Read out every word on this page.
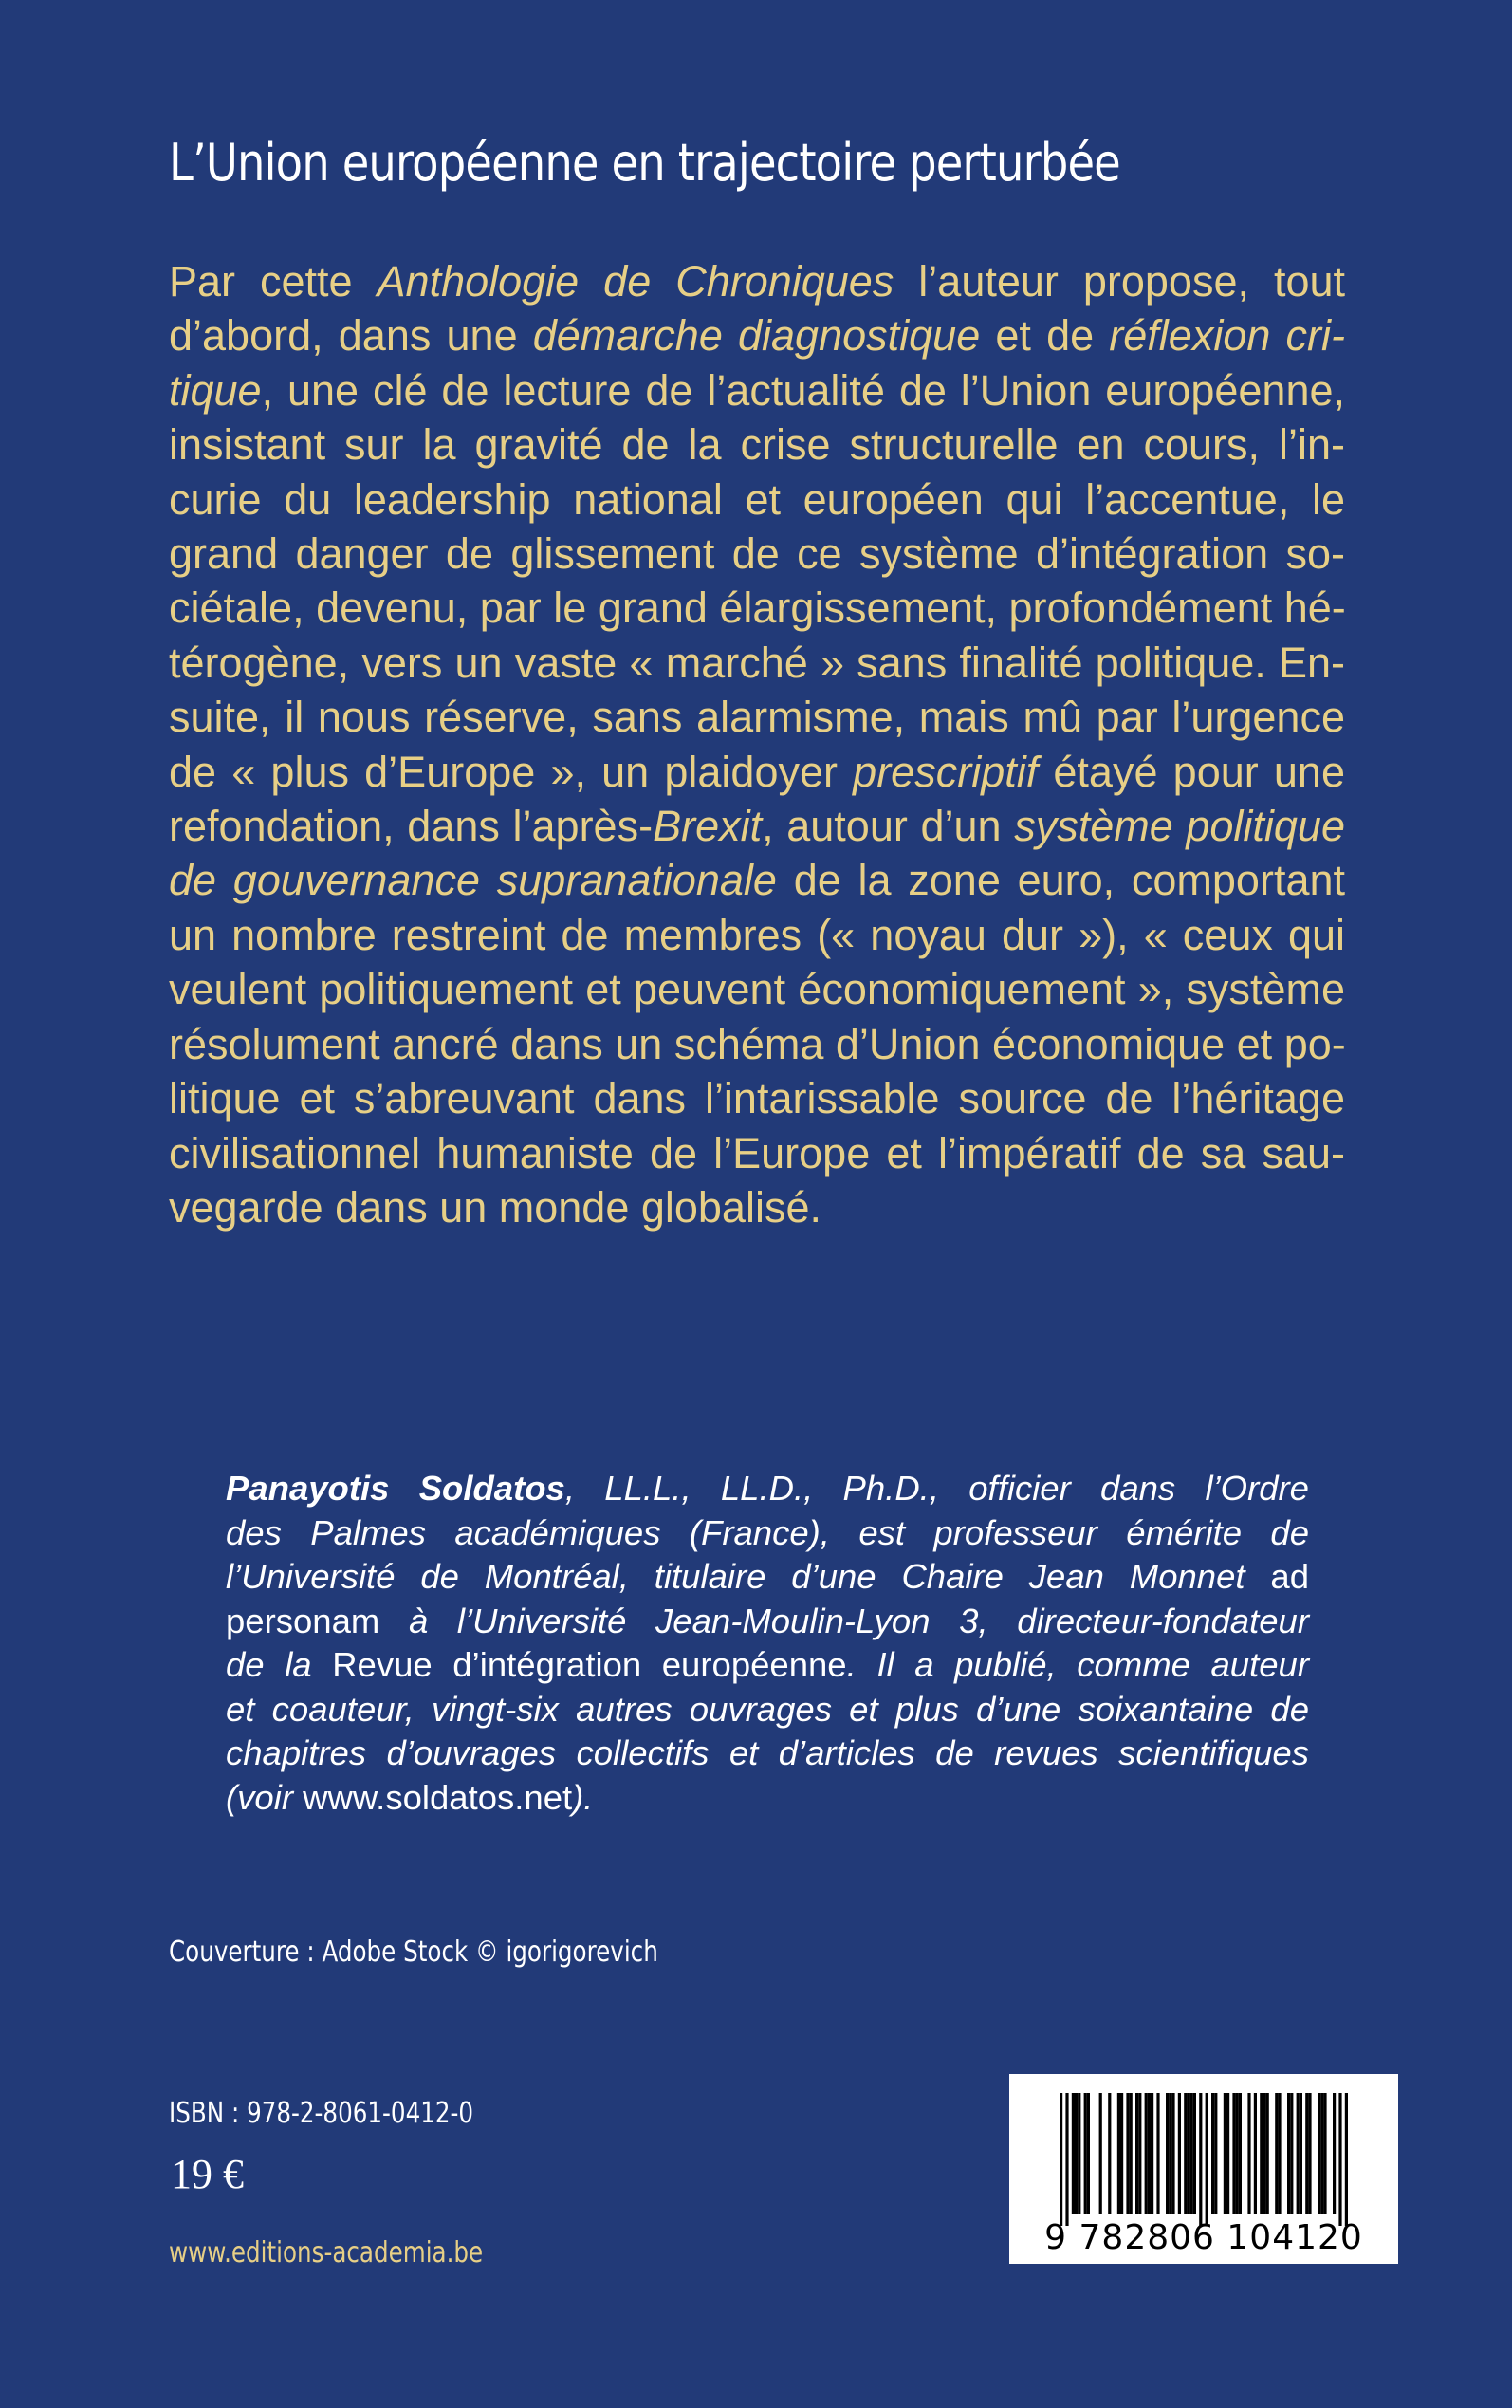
L’Union européenne en trajectoire perturbée
Par cette Anthologie de Chroniques l’auteur propose, tout
d’abord, dans une démarche diagnostique et de réflexion cri-
tique, une clé de lecture de l’actualité de l’Union européenne,
insistant sur la gravité de la crise structurelle en cours, l’in-
curie du leadership national et européen qui l’accentue, le
grand danger de glissement de ce système d’intégration so-
ciétale, devenu, par le grand élargissement, profondément hé-
térogène, vers un vaste « marché » sans finalité politique. En-
suite, il nous réserve, sans alarmisme, mais mû par l’urgence
de « plus d’Europe », un plaidoyer prescriptif étayé pour une
refondation, dans l’après-Brexit, autour d’un système politique
de gouvernance supranationale de la zone euro, comportant
un nombre restreint de membres (« noyau dur »), « ceux qui
veulent politiquement et peuvent économiquement », système
résolument ancré dans un schéma d’Union économique et po-
litique et s’abreuvant dans l’intarissable source de l’héritage
civilisationnel humaniste de l’Europe et l’impératif de sa sau-
vegarde dans un monde globalisé.
Panayotis Soldatos, LL.L., LL.D., Ph.D., officier dans l’Ordre
des Palmes académiques (France), est professeur émérite de
l’Université de Montréal, titulaire d’une Chaire Jean Monnet ad
personam à l’Université Jean-Moulin-Lyon 3, directeur-fondateur
de la Revue d’intégration européenne. Il a publié, comme auteur
et coauteur, vingt-six autres ouvrages et plus d’une soixantaine de
chapitres d’ouvrages collectifs et d’articles de revues scientifiques
(voir www.soldatos.net).
Couverture : Adobe Stock © igorigorevich
ISBN : 978-2-8061-0412-0
19 €
www.editions-academia.be	9 782806 104120
